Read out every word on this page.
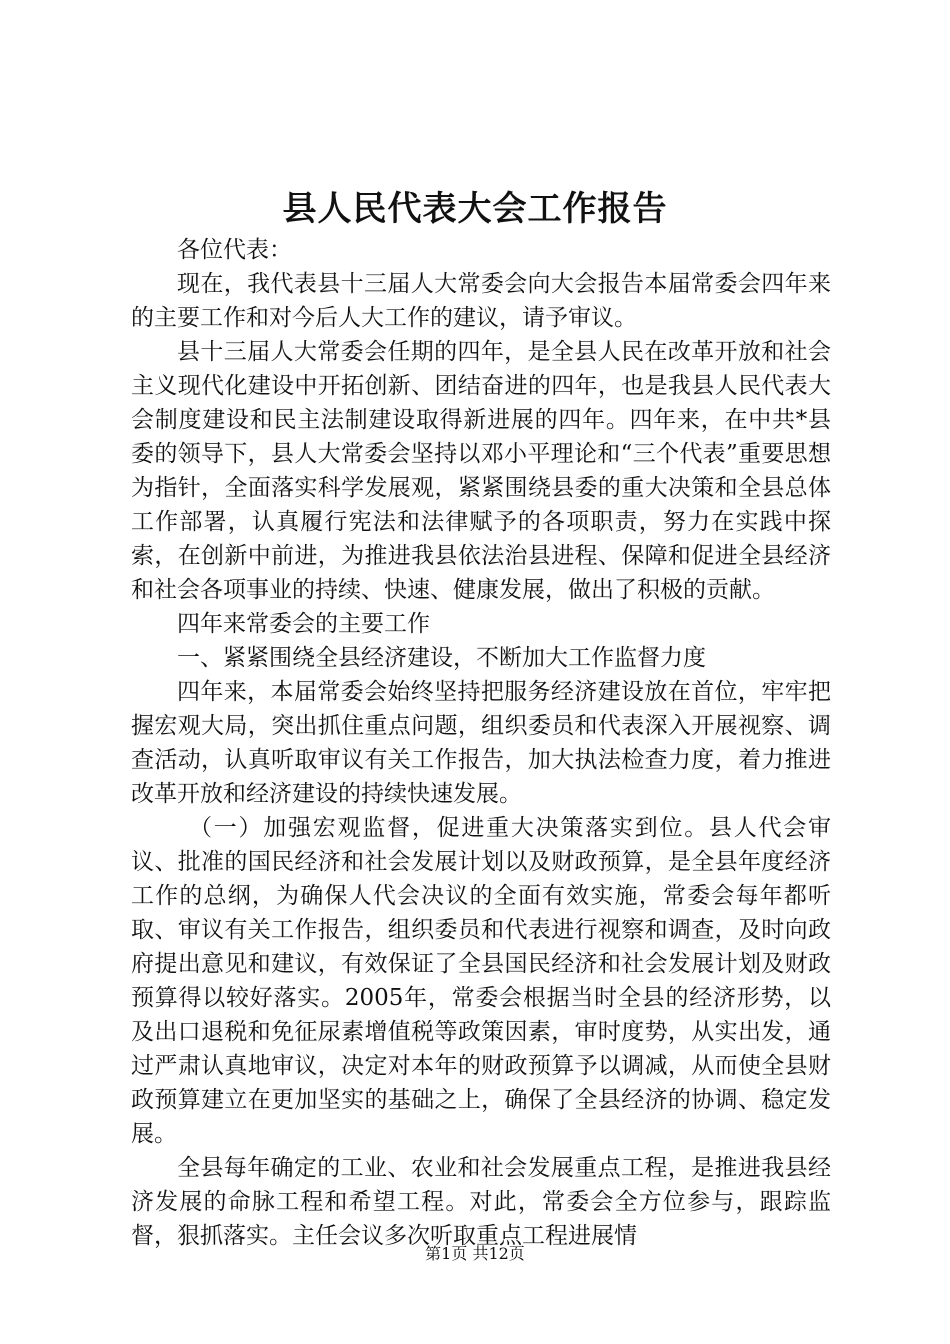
县人民代表大会工作报告

各位代表：

现在，我代表县十三届人大常委会向大会报告本届常委会四年来的主要工作和对今后人大工作的建议，请予审议。

县十三届人大常委会任期的四年，是全县人民在改革开放和社会主义现代化建设中开拓创新、团结奋进的四年，也是我县人民代表大会制度建设和民主法制建设取得新进展的四年。四年来，在中共*县委的领导下，县人大常委会坚持以邓小平理论和“三个代表”重要思想为指针，全面落实科学发展观，紧紧围绕县委的重大决策和全县总体工作部署，认真履行宪法和法律赋予的各项职责，努力在实践中探索，在创新中前进，为推进我县依法治县进程、保障和促进全县经济和社会各项事业的持续、快速、健康发展，做出了积极的贡献。

四年来常委会的主要工作

一、紧紧围绕全县经济建设，不断加大工作监督力度

四年来，本届常委会始终坚持把服务经济建设放在首位，牢牢把握宏观大局，突出抓住重点问题，组织委员和代表深入开展视察、调查活动，认真听取审议有关工作报告，加大执法检查力度，着力推进改革开放和经济建设的持续快速发展。

（一）加强宏观监督，促进重大决策落实到位。县人代会审议、批准的国民经济和社会发展计划以及财政预算，是全县年度经济工作的总纲，为确保人代会决议的全面有效实施，常委会每年都听取、审议有关工作报告，组织委员和代表进行视察和调查，及时向政府提出意见和建议，有效保证了全县国民经济和社会发展计划及财政预算得以较好落实。2005年，常委会根据当时全县的经济形势，以及出口退税和免征尿素增值税等政策因素，审时度势，从实出发，通过严肃认真地审议，决定对本年的财政预算予以调减，从而使全县财政预算建立在更加坚实的基础之上，确保了全县经济的协调、稳定发展。

全县每年确定的工业、农业和社会发展重点工程，是推进我县经济发展的命脉工程和希望工程。对此，常委会全方位参与，跟踪监督，狠抓落实。主任会议多次听取重点工程进展情

第1页 共12页
